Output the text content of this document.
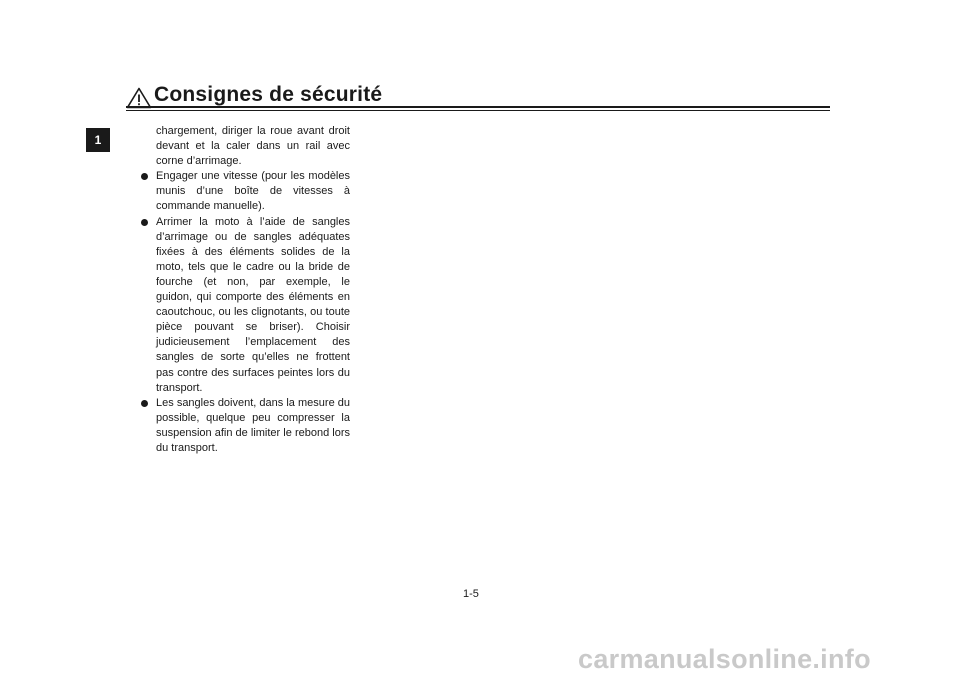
Consignes de sécurité
1

chargement, diriger la roue avant droit devant et la caler dans un rail avec corne d’arrimage.

Engager une vitesse (pour les modèles munis d’une boîte de vitesses à commande manuelle).
Arrimer la moto à l’aide de sangles d’arrimage ou de sangles adéquates fixées à des éléments solides de la moto, tels que le cadre ou la bride de fourche (et non, par exemple, le guidon, qui comporte des éléments en caoutchouc, ou les clignotants, ou toute pièce pouvant se briser). Choisir judicieusement l’emplacement des sangles de sorte qu’elles ne frottent pas contre des surfaces peintes lors du transport.
Les sangles doivent, dans la mesure du possible, quelque peu compresser la suspension afin de limiter le rebond lors du transport.
1-5
carmanualsonline.info
